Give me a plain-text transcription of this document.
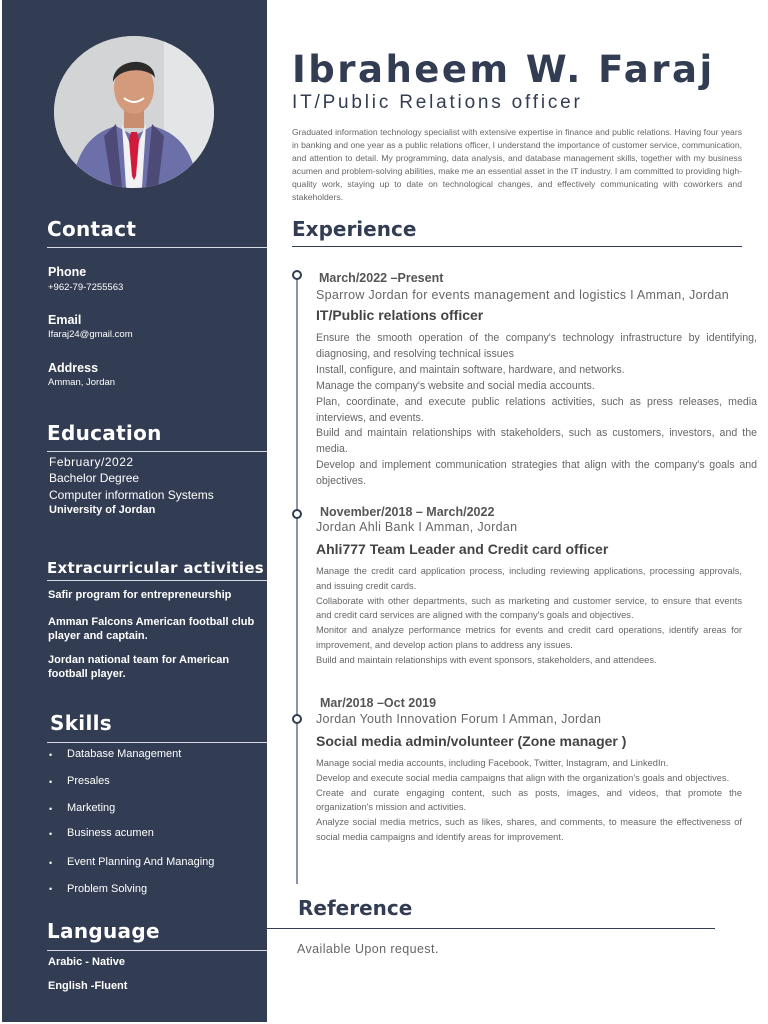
Contact
Phone
+962-79-7255563
Email
Ifaraj24@gmail.com
Address
Amman, Jordan
Education
February/2022
Bachelor Degree
Computer information Systems
University of Jordan
Extracurricular activities
Safir program for entrepreneurship
Amman Falcons American football club player and captain.
Jordan national team for American football player.
Skills
• Database Management
• Presales
• Marketing
• Business acumen
• Event Planning And Managing
• Problem Solving
Language
Arabic - Native
English -Fluent
Ibraheem W. Faraj
IT/Public Relations officer
Graduated information technology specialist with extensive expertise in finance and public relations. Having four years in banking and one year as a public relations officer, I understand the importance of customer service, communication, and attention to detail. My programming, data analysis, and database management skills, together with my business acumen and problem-solving abilities, make me an essential asset in the IT industry. I am committed to providing high-quality work, staying up to date on technological changes, and effectively communicating with coworkers and stakeholders.
Experience
March/2022 –Present
Sparrow Jordan for events management and logistics I Amman, Jordan
IT/Public relations officer
Ensure the smooth operation of the company's technology infrastructure by identifying, diagnosing, and resolving technical issues
Install, configure, and maintain software, hardware, and networks.
Manage the company's website and social media accounts.
Plan, coordinate, and execute public relations activities, such as press releases, media interviews, and events.
Build and maintain relationships with stakeholders, such as customers, investors, and the media.
Develop and implement communication strategies that align with the company's goals and objectives.
November/2018 – March/2022
Jordan Ahli Bank I Amman, Jordan
Ahli777 Team Leader and Credit card officer
Manage the credit card application process, including reviewing applications, processing approvals, and issuing credit cards.
Collaborate with other departments, such as marketing and customer service, to ensure that events and credit card services are aligned with the company's goals and objectives.
Monitor and analyze performance metrics for events and credit card operations, identify areas for improvement, and develop action plans to address any issues.
Build and maintain relationships with event sponsors, stakeholders, and attendees.
Mar/2018 –Oct 2019
Jordan Youth Innovation Forum I Amman, Jordan
Social media admin/volunteer (Zone manager )
Manage social media accounts, including Facebook, Twitter, Instagram, and LinkedIn.
Develop and execute social media campaigns that align with the organization's goals and objectives.
Create and curate engaging content, such as posts, images, and videos, that promote the organization's mission and activities.
Analyze social media metrics, such as likes, shares, and comments, to measure the effectiveness of social media campaigns and identify areas for improvement.
Reference
Available Upon request.
